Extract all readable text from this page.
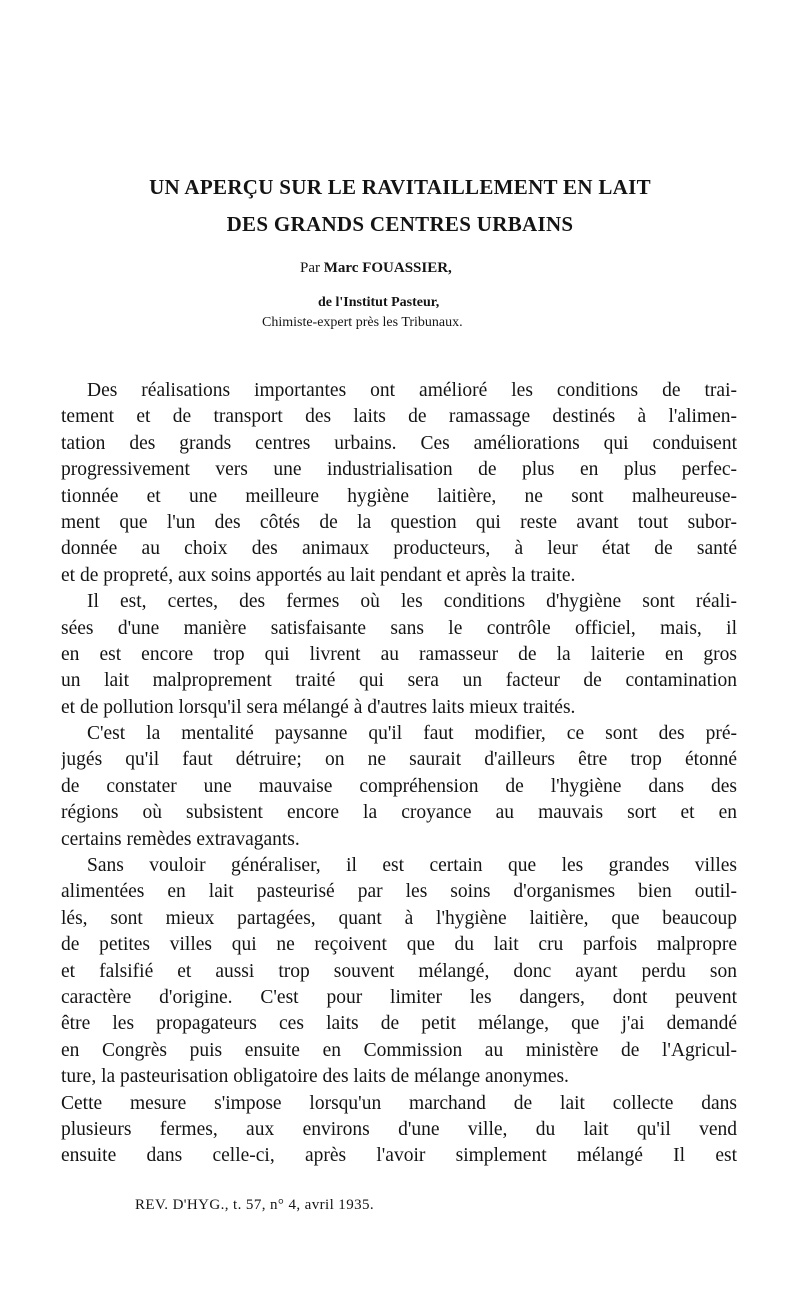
UN APERÇU SUR LE RAVITAILLEMENT EN LAIT
DES GRANDS CENTRES URBAINS
Par Marc FOUASSIER,
de l'Institut Pasteur,
Chimiste-expert près les Tribunaux.
Des réalisations importantes ont amélioré les conditions de trai-
tement et de transport des laits de ramassage destinés à l'alimen-
tation des grands centres urbains. Ces améliorations qui conduisent
progressivement vers une industrialisation de plus en plus perfec-
tionnée et une meilleure hygiène laitière, ne sont malheureuse-
ment que l'un des côtés de la question qui reste avant tout subor-
donnée au choix des animaux producteurs, à leur état de santé
et de propreté, aux soins apportés au lait pendant et après la traite.
Il est, certes, des fermes où les conditions d'hygiène sont réali-
sées d'une manière satisfaisante sans le contrôle officiel, mais, il
en est encore trop qui livrent au ramasseur de la laiterie en gros
un lait malproprement traité qui sera un facteur de contamination
et de pollution lorsqu'il sera mélangé à d'autres laits mieux traités.
C'est la mentalité paysanne qu'il faut modifier, ce sont des pré-
jugés qu'il faut détruire; on ne saurait d'ailleurs être trop étonné
de constater une mauvaise compréhension de l'hygiène dans des
régions où subsistent encore la croyance au mauvais sort et en
certains remèdes extravagants.
Sans vouloir généraliser, il est certain que les grandes villes
alimentées en lait pasteurisé par les soins d'organismes bien outil-
lés, sont mieux partagées, quant à l'hygiène laitière, que beaucoup
de petites villes qui ne reçoivent que du lait cru parfois malpropre
et falsifié et aussi trop souvent mélangé, donc ayant perdu son
caractère d'origine. C'est pour limiter les dangers, dont peuvent
être les propagateurs ces laits de petit mélange, que j'ai demandé
en Congrès puis ensuite en Commission au ministère de l'Agricul-
ture, la pasteurisation obligatoire des laits de mélange anonymes.
Cette mesure s'impose lorsqu'un marchand de lait collecte dans
plusieurs fermes, aux environs d'une ville, du lait qu'il vend
ensuite dans celle-ci, après l'avoir simplement mélangé Il est
REV. D'HYG., t. 57, n° 4, avril 1935.
